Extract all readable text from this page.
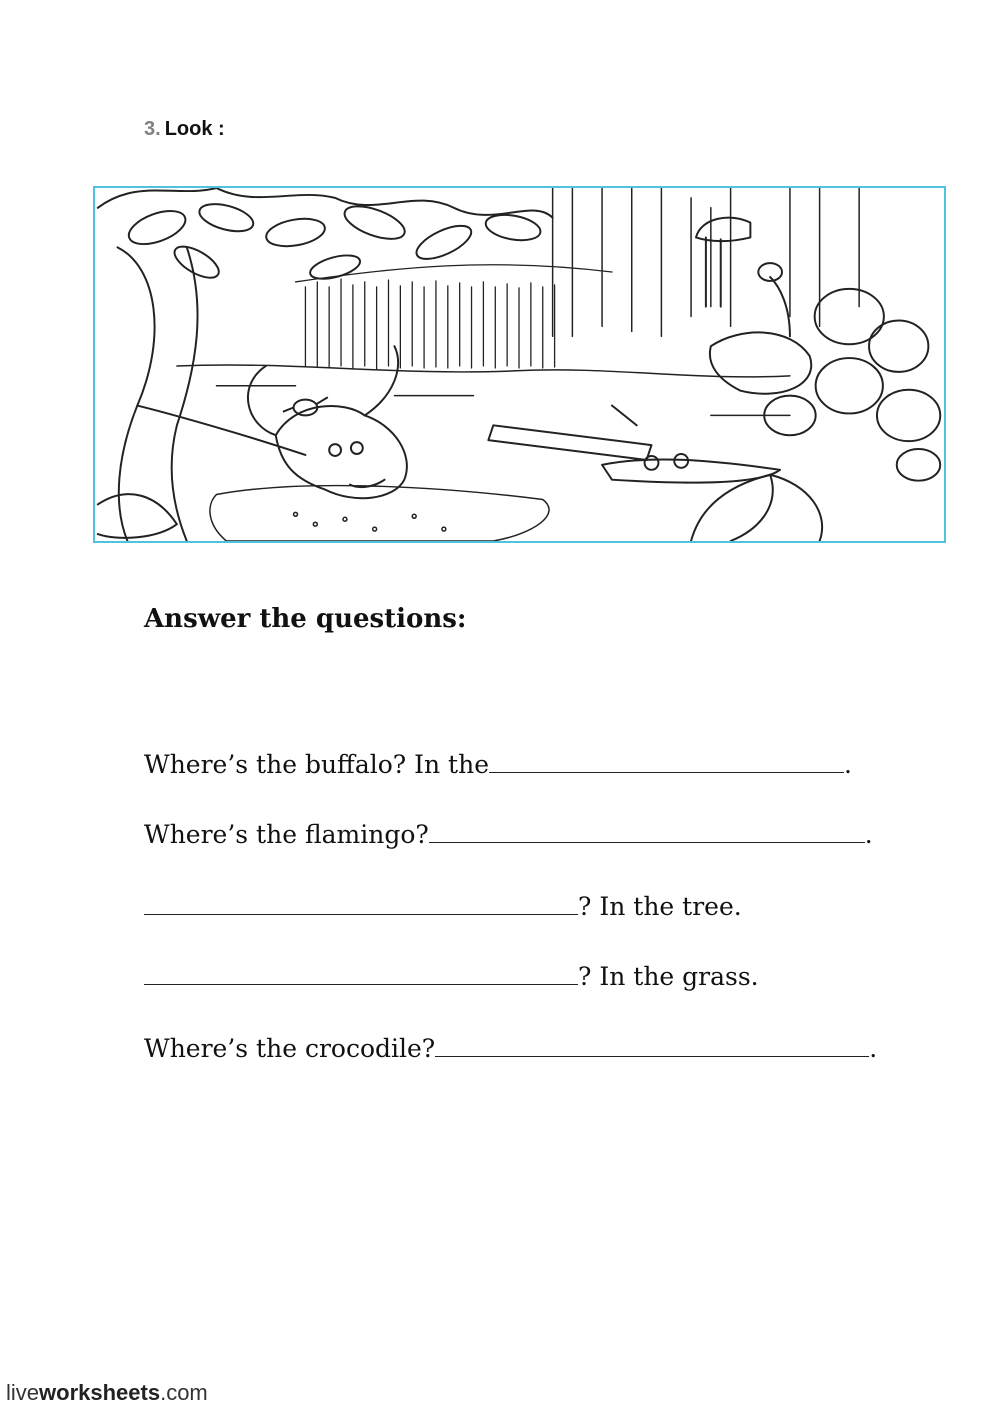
3. Look :
Answer the questions:
Where’s the buffalo? In the	.
Where’s the flamingo?	.
? In the tree.
? In the grass.
Where’s the crocodile?	.
liveworksheets.com
